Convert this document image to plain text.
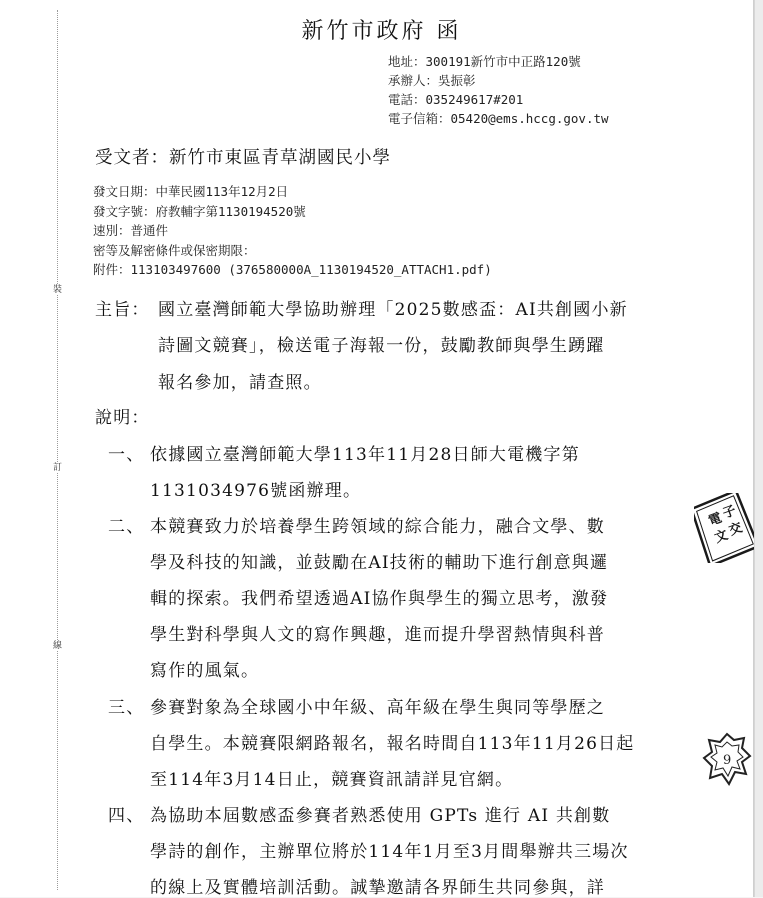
裝
訂
線
新竹市政府 函
地址：300191新竹市中正路120號
承辦人：吳振彰
電話：035249617#201
電子信箱：05420@ems.hccg.gov.tw
受文者：新竹市東區青草湖國民小學
發文日期：中華民國113年12月2日
發文字號：府教輔字第1130194520號
速別：普通件
密等及解密條件或保密期限：
附件：113103497600 (376580000A_1130194520_ATTACH1.pdf)
主旨： 國立臺灣師範大學協助辦理「2025數感盃：AI共創國小新
詩圖文競賽」，檢送電子海報一份，鼓勵教師與學生踴躍
報名參加，請查照。
說明：
一、 依據國立臺灣師範大學113年11月28日師大電機字第
1131034976號函辦理。
二、 本競賽致力於培養學生跨領域的綜合能力，融合文學、數
學及科技的知識，並鼓勵在AI技術的輔助下進行創意與邏
輯的探索。我們希望透過AI協作與學生的獨立思考，激發
學生對科學與人文的寫作興趣，進而提升學習熱情與科普
寫作的風氣。
三、 參賽對象為全球國小中年級、高年級在學生與同等學歷之
自學生。本競賽限網路報名，報名時間自113年11月26日起
至114年3月14日止，競賽資訊請詳見官網。
四、 為協助本屆數感盃參賽者熟悉使用 GPTs 進行 AI 共創數
學詩的創作，主辦單位將於114年1月至3月間舉辦共三場次
的線上及實體培訓活動。誠摯邀請各界師生共同參與，詳
電
子
文
交
9
